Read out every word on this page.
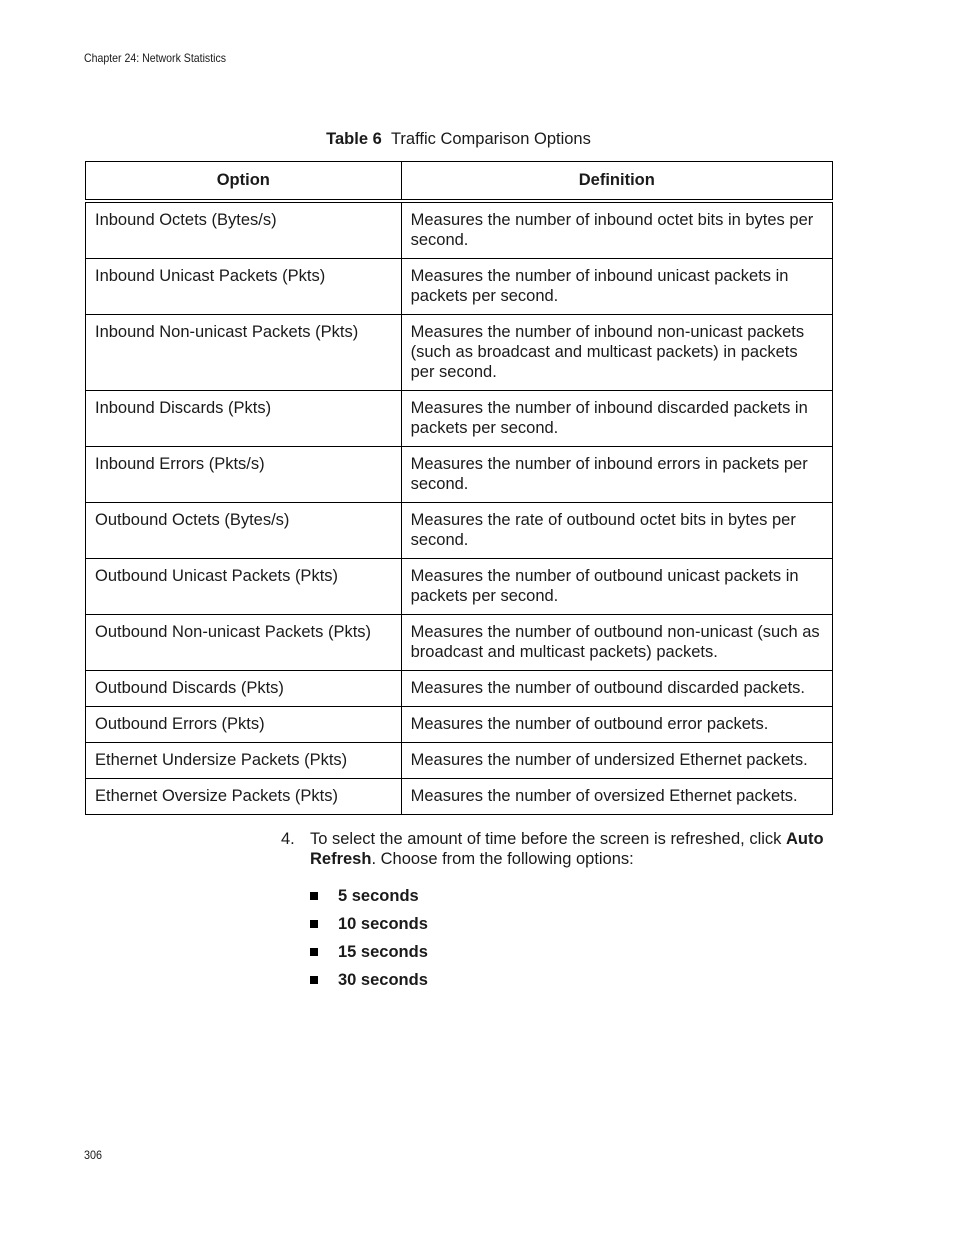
Chapter 24: Network Statistics
Table 6 Traffic Comparison Options
Option	Definition
Inbound Octets (Bytes/s)	Measures the number of inbound octet bits in bytes per second.
Inbound Unicast Packets (Pkts)	Measures the number of inbound unicast packets in packets per second.
Inbound Non-unicast Packets (Pkts)	Measures the number of inbound non-unicast packets (such as broadcast and multicast packets) in packets per second.
Inbound Discards (Pkts)	Measures the number of inbound discarded packets in packets per second.
Inbound Errors (Pkts/s)	Measures the number of inbound errors in packets per second.
Outbound Octets (Bytes/s)	Measures the rate of outbound octet bits in bytes per second.
Outbound Unicast Packets (Pkts)	Measures the number of outbound unicast packets in packets per second.
Outbound Non-unicast Packets (Pkts)	Measures the number of outbound non-unicast (such as broadcast and multicast packets) packets.
Outbound Discards (Pkts)	Measures the number of outbound discarded packets.
Outbound Errors (Pkts)	Measures the number of outbound error packets.
Ethernet Undersize Packets (Pkts)	Measures the number of undersized Ethernet packets.
Ethernet Oversize Packets (Pkts)	Measures the number of oversized Ethernet packets.
4. To select the amount of time before the screen is refreshed, click Auto Refresh. Choose from the following options:
5 seconds
10 seconds
15 seconds
30 seconds
306
